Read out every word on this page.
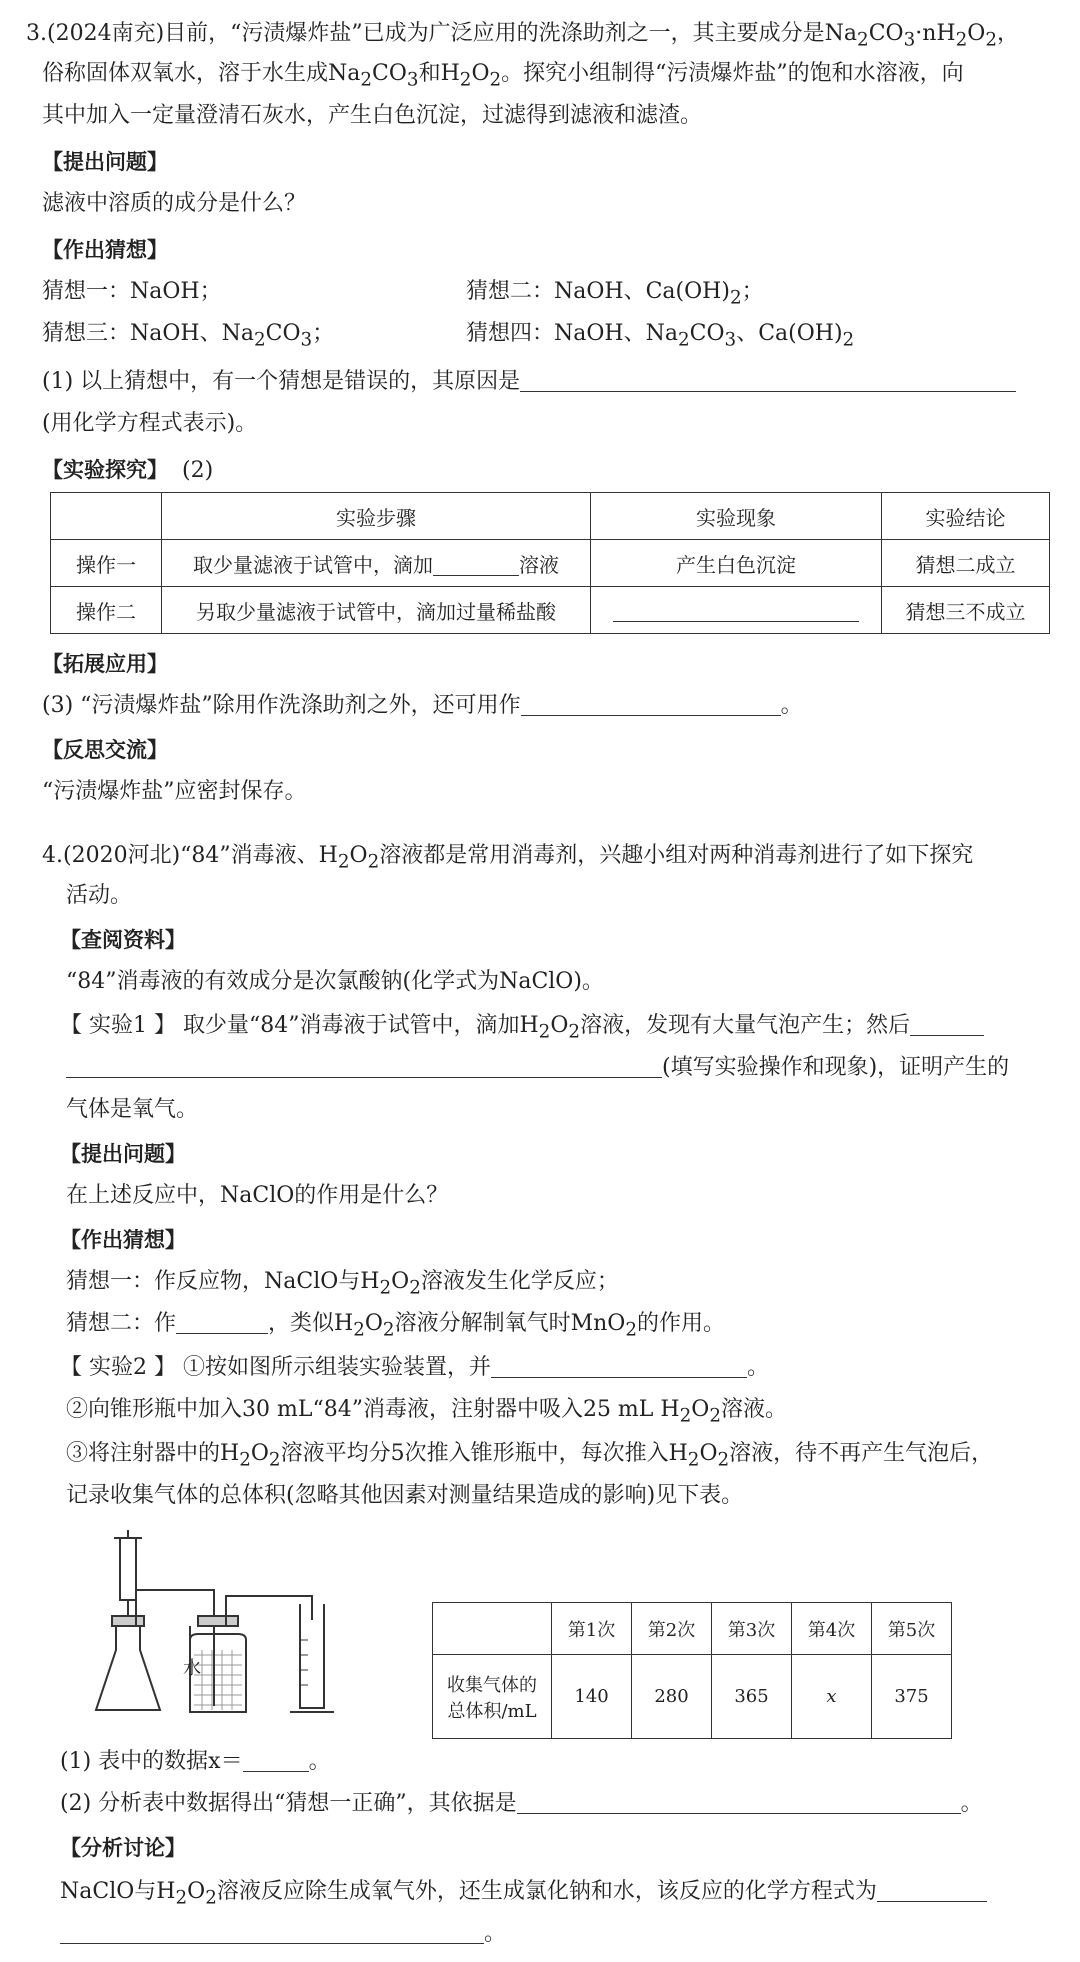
3.(2024南充)目前，“污渍爆炸盐”已成为广泛应用的洗涤助剂之一，其主要成分是$Na_2CO_3\cdot nH_2O_2$，
俗称固体双氧水，溶于水生成$Na_2CO_3$和$H_2O_2$。探究小组制得“污渍爆炸盐”的饱和水溶液，向
其中加入一定量澄清石灰水，产生白色沉淀，过滤得到滤液和滤渣。
【提出问题】
滤液中溶质的成分是什么？
【作出猜想】
猜想一：NaOH；	猜想二：NaOH、$Ca(OH)_2$；
猜想三：NaOH、$Na_2CO_3$；	猜想四：NaOH、$Na_2CO_3$、$Ca(OH)_2$
(1) 以上猜想中，有一个猜想是错误的，其原因是
(用化学方程式表示)。
【实验探究】 (2)
	实验步骤	实验现象	实验结论
操作一	取少量滤液于试管中，滴加 溶液	产生白色沉淀	猜想二成立
操作二	另取少量滤液于试管中，滴加过量稀盐酸		猜想三不成立
【拓展应用】
(3) “污渍爆炸盐”除用作洗涤助剂之外，还可用作	。
【反思交流】
“污渍爆炸盐”应密封保存。
4.(2020河北)“84”消毒液、$H_2O_2$溶液都是常用消毒剂，兴趣小组对两种消毒剂进行了如下探究
活动。
【查阅资料】
“84”消毒液的有效成分是次氯酸钠(化学式为NaClO)。
【 实验1 】 取少量“84”消毒液于试管中，滴加$H_2O_2$溶液，发现有大量气泡产生；然后
(填写实验操作和现象)，证明产生的
气体是氧气。
【提出问题】
在上述反应中，NaClO的作用是什么？
【作出猜想】
猜想一：作反应物，NaClO与$H_2O_2$溶液发生化学反应；
猜想二：作	，类似$H_2O_2$溶液分解制氧气时MnO$_2$的作用。
【 实验2 】 ①按如图所示组装实验装置，并	。
②向锥形瓶中加入30 mL“84”消毒液，注射器中吸入25 mL $H_2O_2$溶液。
③将注射器中的$H_2O_2$溶液平均分5次推入锥形瓶中，每次推入$H_2O_2$溶液，待不再产生气泡后，
记录收集气体的总体积(忽略其他因素对测量结果造成的影响)见下表。
水
	第1次	第2次	第3次	第4次	第5次

收集气体的
总体积/mL	140	280	365	x	375
(1) 表中的数据x＝	。
(2) 分析表中数据得出“猜想一正确”，其依据是	。
【分析讨论】
NaClO与$H_2O_2$溶液反应除生成氧气外，还生成氯化钠和水，该反应的化学方程式为
。
